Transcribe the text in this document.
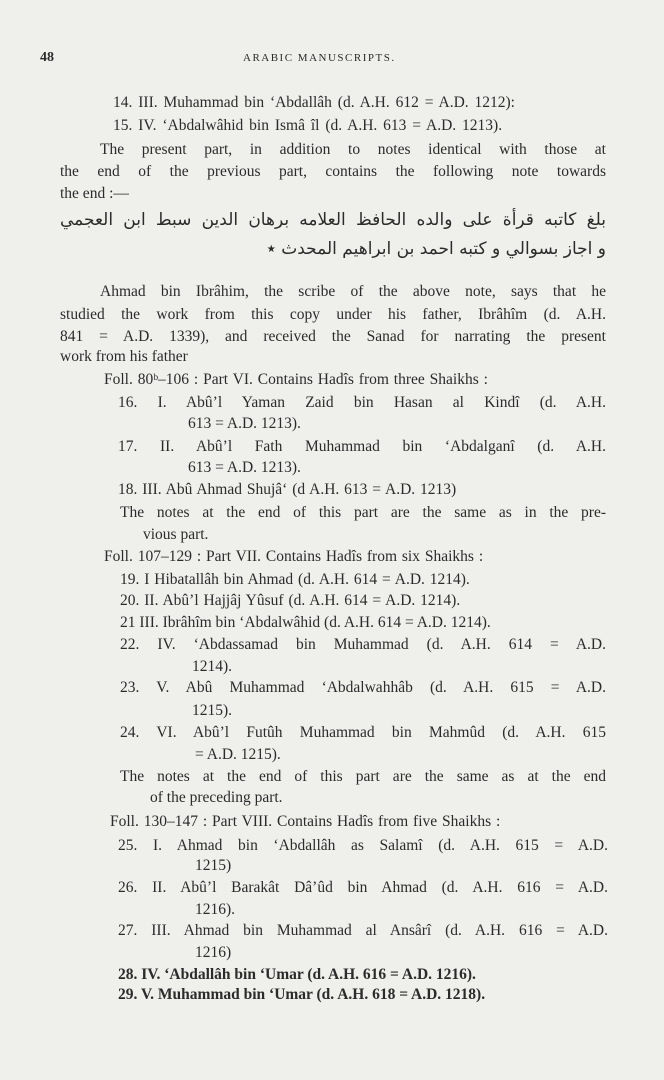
48	ARABIC MANUSCRIPTS.
14. III. Muhammad bin ‘Abdallâh (d. A.H. 612 = A.D. 1212):
15. IV. ‘Abdalwâhid bin Ismâ îl (d. A.H. 613 = A.D. 1213).
The present part, in addition to notes identical with those at
the end of the previous part, contains the following note towards
the end :—
بلغ كاتبه قرأة على والده الحافظ العلامه برهان الدين سبط ابن العجمي
و اجاز بسوالي و كتبه احمد بن ابراهيم المحدث ٭
Ahmad bin Ibrâhim, the scribe of the above note, says that he
studied the work from this copy under his father, Ibrâhîm (d. A.H.
841 = A.D. 1339), and received the Sanad for narrating the present
work from his father
Foll. 80ᵇ–106 : Part VI. Contains Hadîs from three Shaikhs :
16. I. Abû’l Yaman Zaid bin Hasan al Kindî (d. A.H.
613 = A.D. 1213).
17. II. Abû’l Fath Muhammad bin ‘Abdalganî (d. A.H.
613 = A.D. 1213).
18. III. Abû Ahmad Shujâ‘ (d A.H. 613 = A.D. 1213)
The notes at the end of this part are the same as in the pre-
vious part.
Foll. 107–129 : Part VII. Contains Hadîs from six Shaikhs :
19. I Hibatallâh bin Ahmad (d. A.H. 614 = A.D. 1214).
20. II. Abû’l Hajjâj Yûsuf (d. A.H. 614 = A.D. 1214).
21 III. Ibrâhîm bin ‘Abdalwâhid (d. A.H. 614 = A.D. 1214).
22. IV. ‘Abdassamad bin Muhammad (d. A.H. 614 = A.D.
1214).
23. V. Abû Muhammad ‘Abdalwahhâb (d. A.H. 615 = A.D.
1215).
24. VI. Abû’l Futûh Muhammad bin Mahmûd (d. A.H. 615
= A.D. 1215).
The notes at the end of this part are the same as at the end
of the preceding part.
Foll. 130–147 : Part VIII. Contains Hadîs from five Shaikhs :
25. I. Ahmad bin ‘Abdallâh as Salamî (d. A.H. 615 = A.D.
1215)
26. II. Abû’l Barakât Dâ’ûd bin Ahmad (d. A.H. 616 = A.D.
1216).
27. III. Ahmad bin Muhammad al Ansârî (d. A.H. 616 = A.D.
1216)
28. IV. ‘Abdallâh bin ‘Umar (d. A.H. 616 = A.D. 1216).
29. V. Muhammad bin ‘Umar (d. A.H. 618 = A.D. 1218).
